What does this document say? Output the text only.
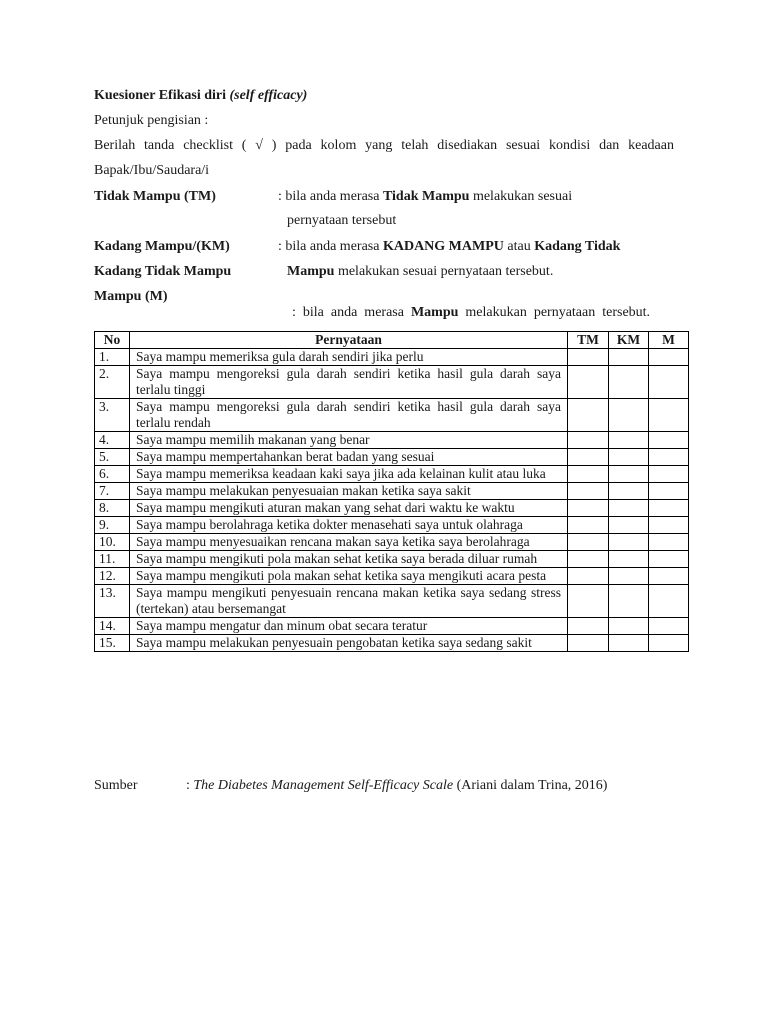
Kuesioner Efikasi diri (self efficacy)
Petunjuk pengisian :
Berilah tanda checklist ( √ ) pada kolom yang telah disediakan sesuai kondisi dan keadaan
Bapak/Ibu/Saudara/i
Tidak Mampu (TM)	: bila anda merasa Tidak Mampu melakukan sesuai
pernyataan tersebut
Kadang Mampu/(KM)	: bila anda merasa KADANG MAMPU atau Kadang Tidak
Kadang Tidak Mampu	Mampu melakukan sesuai pernyataan tersebut.
Mampu (M)

:  bila  anda  merasa  Mampu  melakukan  pernyataan  tersebut.

No	Pernyataan	TM	KM	M
1.	Saya mampu memeriksa gula darah sendiri jika perlu			
2.	Saya mampu mengoreksi gula darah sendiri ketika hasil gula darah saya terlalu tinggi			
3.	Saya mampu mengoreksi gula darah sendiri ketika hasil gula darah saya terlalu rendah			
4.	Saya mampu memilih makanan yang benar			
5.	Saya mampu mempertahankan berat badan yang sesuai			
6.	Saya mampu memeriksa keadaan kaki saya jika ada kelainan kulit atau luka			
7.	Saya mampu melakukan penyesuaian makan ketika saya sakit			
8.	Saya mampu mengikuti aturan makan yang sehat dari waktu ke waktu			
9.	Saya mampu berolahraga ketika dokter menasehati saya untuk olahraga			
10.	Saya mampu menyesuaikan rencana makan saya ketika saya berolahraga			
11.	Saya mampu mengikuti pola makan sehat ketika saya berada diluar rumah			
12.	Saya mampu mengikuti pola makan sehat ketika saya mengikuti acara pesta			
13.	Saya mampu mengikuti penyesuain rencana makan ketika saya sedang stress (tertekan) atau bersemangat			
14.	Saya mampu mengatur dan minum obat secara teratur			
15.	Saya mampu melakukan penyesuain pengobatan ketika saya sedang sakit			
Sumber	: The Diabetes Management Self-Efficacy Scale (Ariani dalam Trina, 2016)
